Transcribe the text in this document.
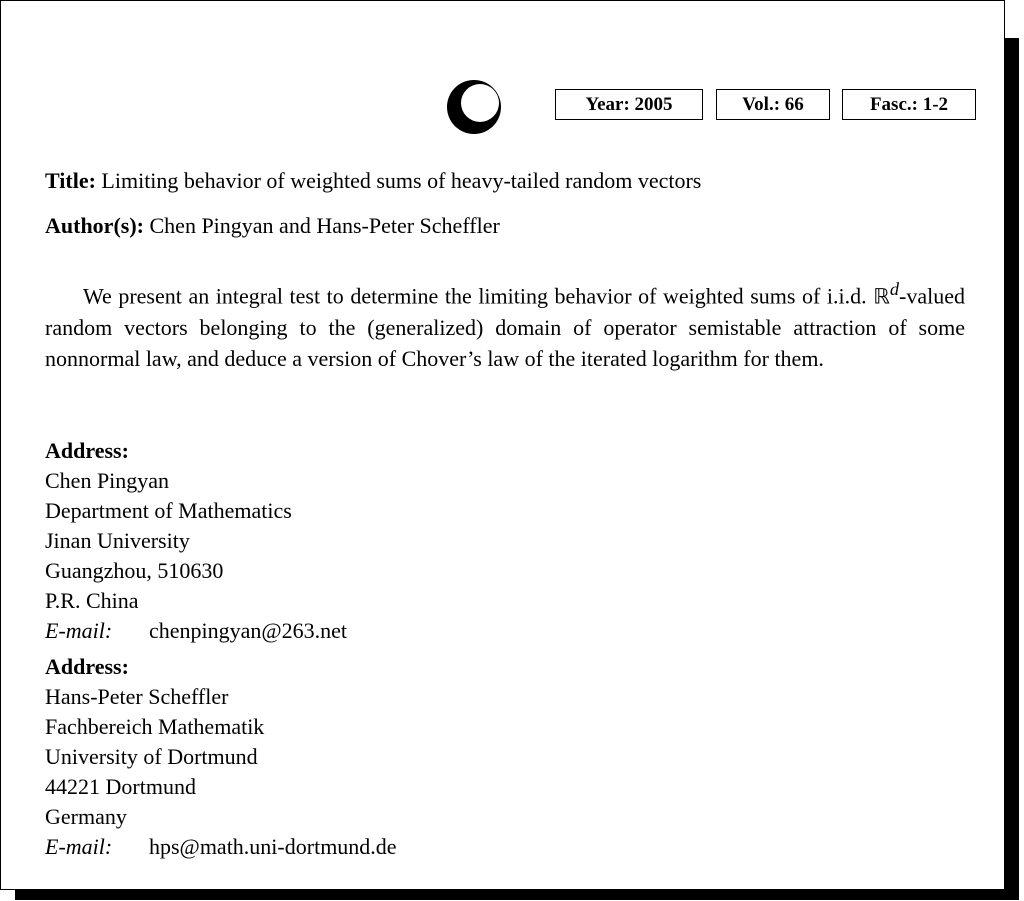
Year: 2005	Vol.: 66	Fasc.: 1-2
Title: Limiting behavior of weighted sums of heavy-tailed random vectors
Author(s): Chen Pingyan and Hans-Peter Scheffler
We present an integral test to determine the limiting behavior of weighted sums of i.i.d. ℝ$^d$-valued random vectors belonging to the (generalized) domain of operator semistable attraction of some nonnormal law, and deduce a version of Chover’s law of the iterated logarithm for them.
Address:
Chen Pingyan
Department of Mathematics
Jinan University
Guangzhou, 510630
P.R. China
E-mail: chenpingyan@263.net
Address:
Hans-Peter Scheffler
Fachbereich Mathematik
University of Dortmund
44221 Dortmund
Germany
E-mail: hps@math.uni-dortmund.de
